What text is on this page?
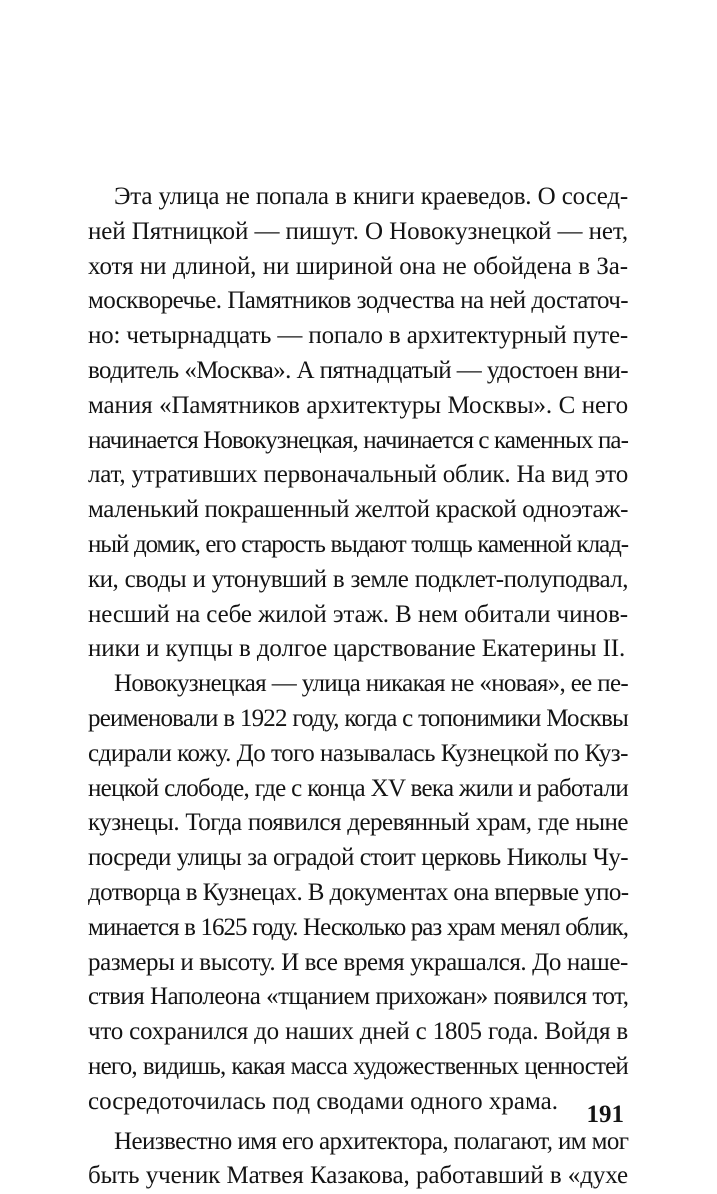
Эта улица не попала в книги краеведов. О сосед-
ней Пятницкой — пишут. О Новокузнецкой — нет,
хотя ни длиной, ни шириной она не обойдена в За-
москворечье. Памятников зодчества на ней достаточ-
но: четырнадцать — попало в архитектурный путе-
водитель «Москва». А пятнадцатый — удостоен вни-
мания «Памятников архитектуры Москвы». С него
начинается Новокузнецкая, начинается с каменных па-
лат, утративших первоначальный облик. На вид это
маленький покрашенный желтой краской одноэтаж-
ный домик, его старость выдают толщь каменной клад-
ки, своды и утонувший в земле подклет-полуподвал,
несший на себе жилой этаж. В нем обитали чинов-
ники и купцы в долгое царствование Екатерины II.
Новокузнецкая — улица никакая не «новая», ее пе-
реименовали в 1922 году, когда с топонимики Москвы
сдирали кожу. До того называлась Кузнецкой по Куз-
нецкой слободе, где с конца XV века жили и работали
кузнецы. Тогда появился деревянный храм, где ныне
посреди улицы за оградой стоит церковь Николы Чу-
дотворца в Кузнецах. В документах она впервые упо-
минается в 1625 году. Несколько раз храм менял облик,
размеры и высоту. И все время украшался. До наше-
ствия Наполеона «тщанием прихожан» появился тот,
что сохранился до наших дней с 1805 года. Войдя в
него, видишь, какая масса художественных ценностей
сосредоточилась под сводами одного храма.
Неизвестно имя его архитектора, полагают, им мог
быть ученик Матвея Казакова, работавший в «духе
191
